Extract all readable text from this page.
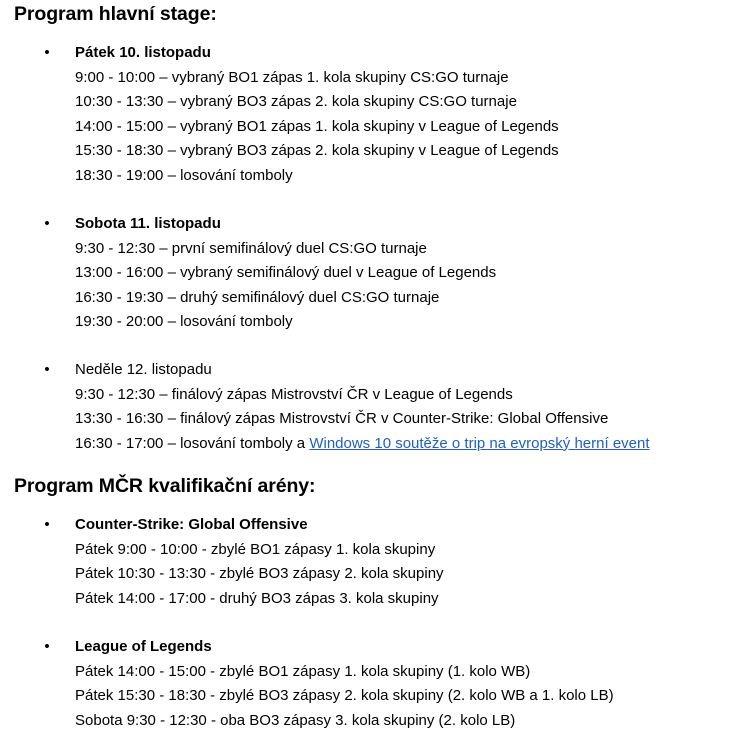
Program hlavní stage:
• Pátek 10. listopadu
9:00 - 10:00 – vybraný BO1 zápas 1. kola skupiny CS:GO turnaje
10:30 - 13:30 – vybraný BO3 zápas 2. kola skupiny CS:GO turnaje
14:00 - 15:00 – vybraný BO1 zápas 1. kola skupiny v League of Legends
15:30 - 18:30 – vybraný BO3 zápas 2. kola skupiny v League of Legends
18:30 - 19:00 – losování tomboly
• Sobota 11. listopadu
9:30 - 12:30 – první semifinálový duel CS:GO turnaje
13:00 - 16:00 – vybraný semifinálový duel v League of Legends
16:30 - 19:30 – druhý semifinálový duel CS:GO turnaje
19:30 - 20:00 – losování tomboly
• Neděle 12. listopadu
9:30 - 12:30 – finálový zápas Mistrovství ČR v League of Legends
13:30 - 16:30 – finálový zápas Mistrovství ČR v Counter-Strike: Global Offensive
16:30 - 17:00 – losování tomboly a Windows 10 soutěže o trip na evropský herní event
Program MČR kvalifikační arény:
• Counter-Strike: Global Offensive
Pátek 9:00 - 10:00 - zbylé BO1 zápasy 1. kola skupiny
Pátek 10:30 - 13:30 - zbylé BO3 zápasy 2. kola skupiny
Pátek 14:00 - 17:00 - druhý BO3 zápas 3. kola skupiny
• League of Legends
Pátek 14:00 - 15:00 - zbylé BO1 zápasy 1. kola skupiny (1. kolo WB)
Pátek 15:30 - 18:30 - zbylé BO3 zápasy 2. kola skupiny (2. kolo WB a 1. kolo LB)
Sobota 9:30 - 12:30 - oba BO3 zápasy 3. kola skupiny (2. kolo LB)
